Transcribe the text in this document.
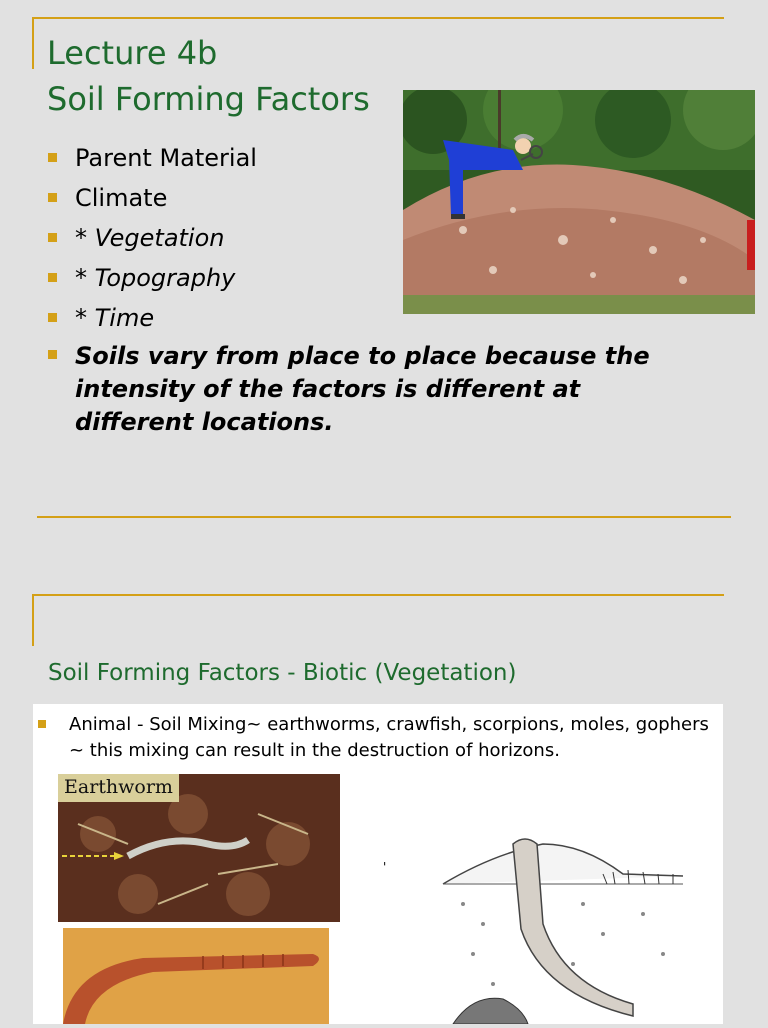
Lecture 4b
Soil Forming Factors
Parent Material
Climate
* Vegetation
* Topography
* Time
Soils vary from place to place because the intensity of the factors is different at different locations.
Soil Forming Factors - Biotic (Vegetation)
Animal - Soil Mixing~ earthworms, crawfish, scorpions, moles, gophers ~ this mixing can result in the destruction of horizons.
Earthworm
'
